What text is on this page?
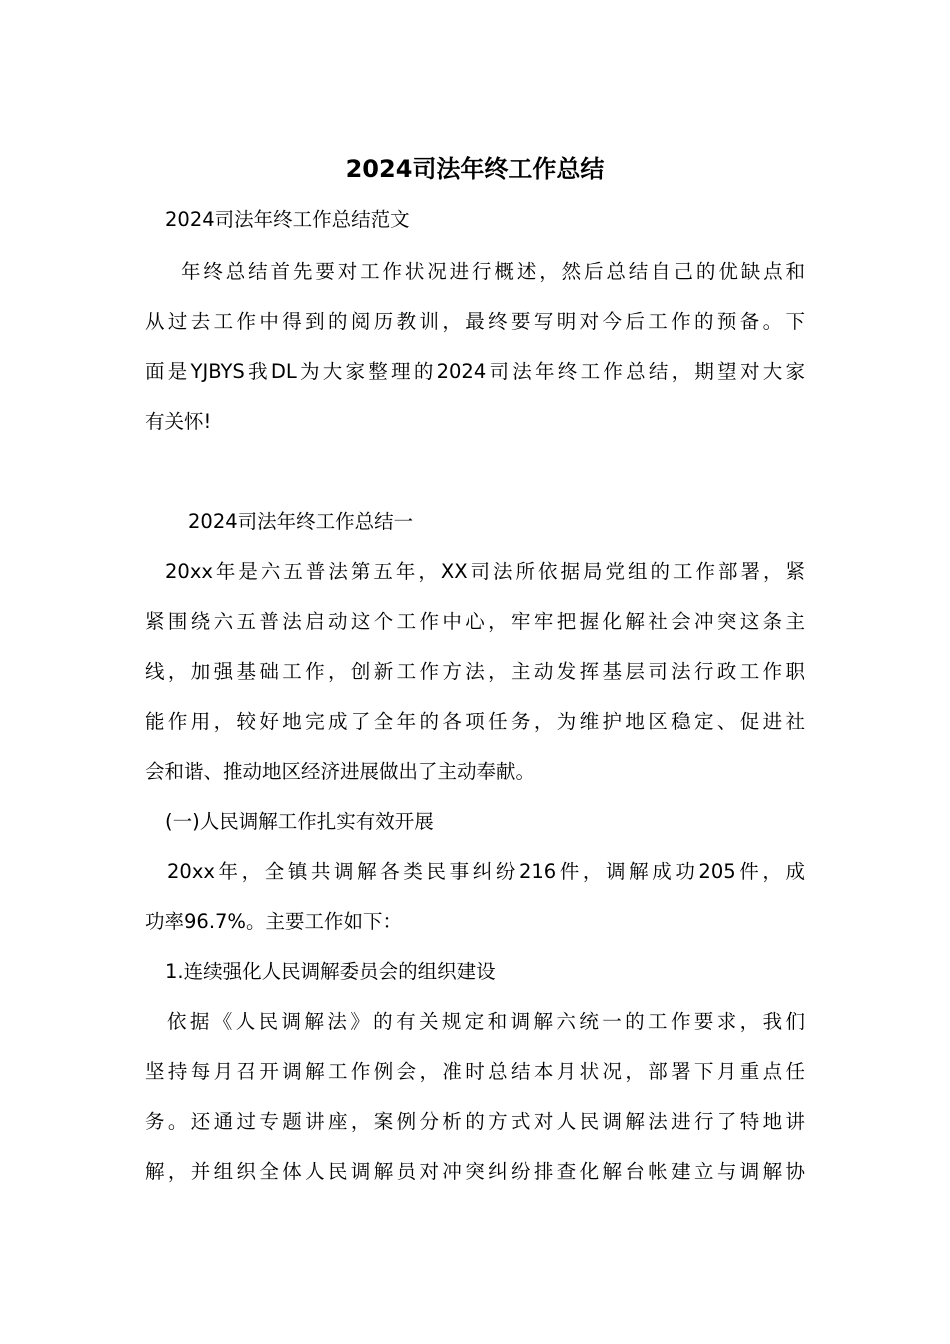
2024司法年终工作总结
2024司法年终工作总结范文
年终总结首先要对工作状况进行概述，然后总结自己的优缺点和
从过去工作中得到的阅历教训，最终要写明对今后工作的预备。下
面是YJBYS我DL为大家整理的2024司法年终工作总结，期望对大家
有关怀!
2024司法年终工作总结一
20xx年是六五普法第五年，XX司法所依据局党组的工作部署，紧
紧围绕六五普法启动这个工作中心，牢牢把握化解社会冲突这条主
线，加强基础工作，创新工作方法，主动发挥基层司法行政工作职
能作用，较好地完成了全年的各项任务，为维护地区稳定、促进社
会和谐、推动地区经济进展做出了主动奉献。
(一)人民调解工作扎实有效开展
20xx年，全镇共调解各类民事纠纷216件，调解成功205件，成
功率96.7%。主要工作如下：
1.连续强化人民调解委员会的组织建设
依据《人民调解法》的有关规定和调解六统一的工作要求，我们
坚持每月召开调解工作例会，准时总结本月状况，部署下月重点任
务。还通过专题讲座，案例分析的方式对人民调解法进行了特地讲
解，并组织全体人民调解员对冲突纠纷排查化解台帐建立与调解协
